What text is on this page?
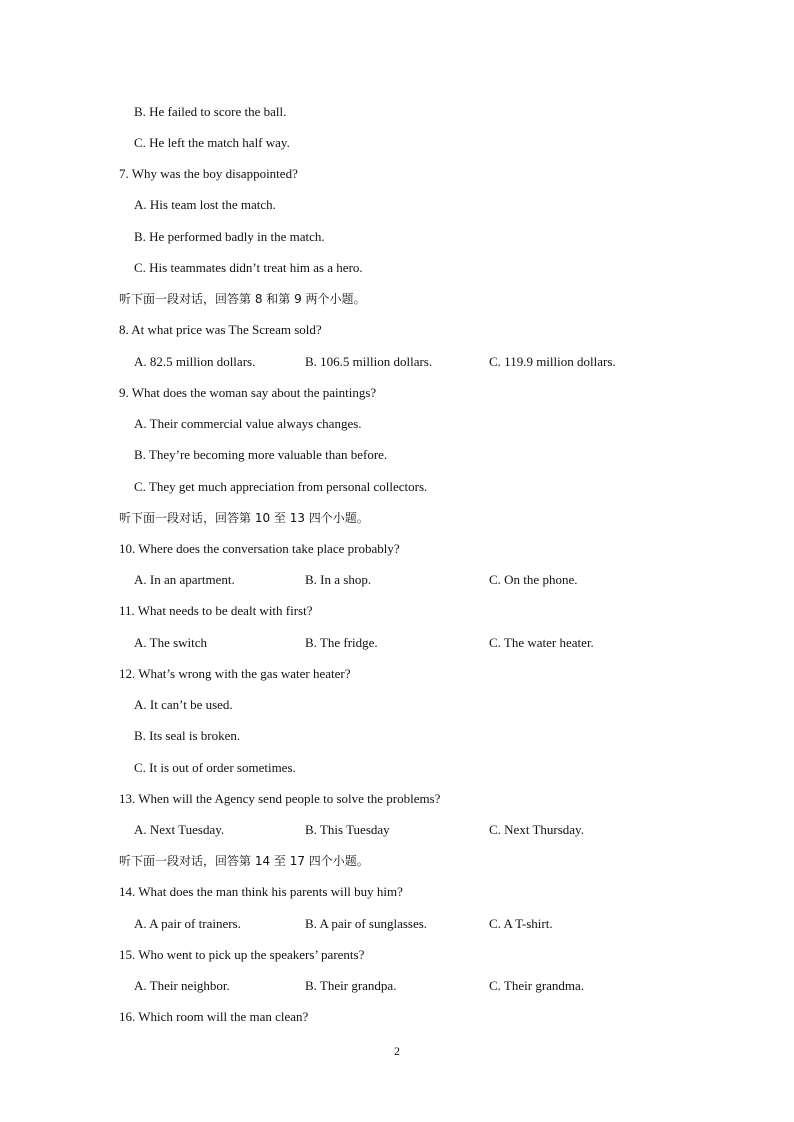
B. He failed to score the ball.
C. He left the match half way.
7. Why was the boy disappointed?
A. His team lost the match.
B. He performed badly in the match.
C. His teammates didn’t treat him as a hero.
听下面一段对话，回答第 8 和第 9 两个小题。
8. At what price was The Scream sold?
A. 82.5 million dollars.	B. 106.5 million dollars.	C. 119.9 million dollars.
9. What does the woman say about the paintings?
A. Their commercial value always changes.
B. They’re becoming more valuable than before.
C. They get much appreciation from personal collectors.
听下面一段对话，回答第 10 至 13 四个小题。
10. Where does the conversation take place probably?
A. In an apartment.	B. In a shop.	C. On the phone.
11. What needs to be dealt with first?
A. The switch	B. The fridge.	C. The water heater.
12. What’s wrong with the gas water heater?
A. It can’t be used.
B. Its seal is broken.
C. It is out of order sometimes.
13. When will the Agency send people to solve the problems?
A. Next Tuesday.	B. This Tuesday	C. Next Thursday.
听下面一段对话，回答第 14 至 17 四个小题。
14. What does the man think his parents will buy him?
A. A pair of trainers.	B. A pair of sunglasses.	C. A T-shirt.
15. Who went to pick up the speakers’ parents?
A. Their neighbor.	B. Their grandpa.	C. Their grandma.
16. Which room will the man clean?
2
